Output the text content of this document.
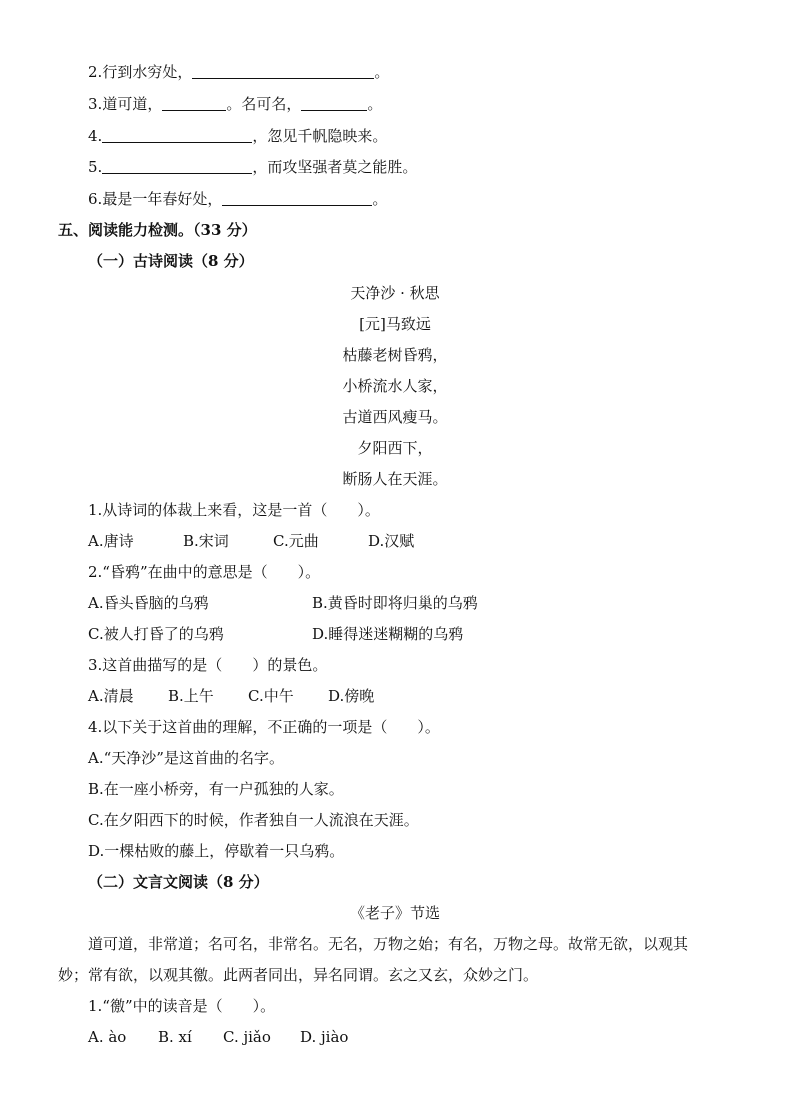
2.行到水穷处，	。
3.道可道，	。名可名，	。
4.	，忽见千帆隐映来。
5.	，而攻坚强者莫之能胜。
6.最是一年春好处，	。
五、阅读能力检测。（33 分）
（一）古诗阅读（8 分）
天净沙 · 秋思
[元]马致远
枯藤老树昏鸦，
小桥流水人家，
古道西风瘦马。
夕阳西下，
断肠人在天涯。
1.从诗词的体裁上来看，这是一首（　　）。
A.唐诗	B.宋词	C.元曲	D.汉赋
2.“昏鸦”在曲中的意思是（　　）。
A.昏头昏脑的乌鸦	B.黄昏时即将归巢的乌鸦
C.被人打昏了的乌鸦	D.睡得迷迷糊糊的乌鸦
3.这首曲描写的是（　　）的景色。
A.清晨 B.上午 C.中午 D.傍晚
4.以下关于这首曲的理解，不正确的一项是（　　）。
A.“天净沙”是这首曲的名字。
B.在一座小桥旁，有一户孤独的人家。
C.在夕阳西下的时候，作者独自一人流浪在天涯。
D.一棵枯败的藤上，停歇着一只乌鸦。
（二）文言文阅读（8 分）
《老子》节选
道可道，非常道；名可名，非常名。无名，万物之始；有名，万物之母。故常无欲，以观其
妙；常有欲，以观其徼。此两者同出，异名同谓。玄之又玄，众妙之门。
1.“徼”中的读音是（　　）。
A. ào B. xí C. jiǎo D. jiào
